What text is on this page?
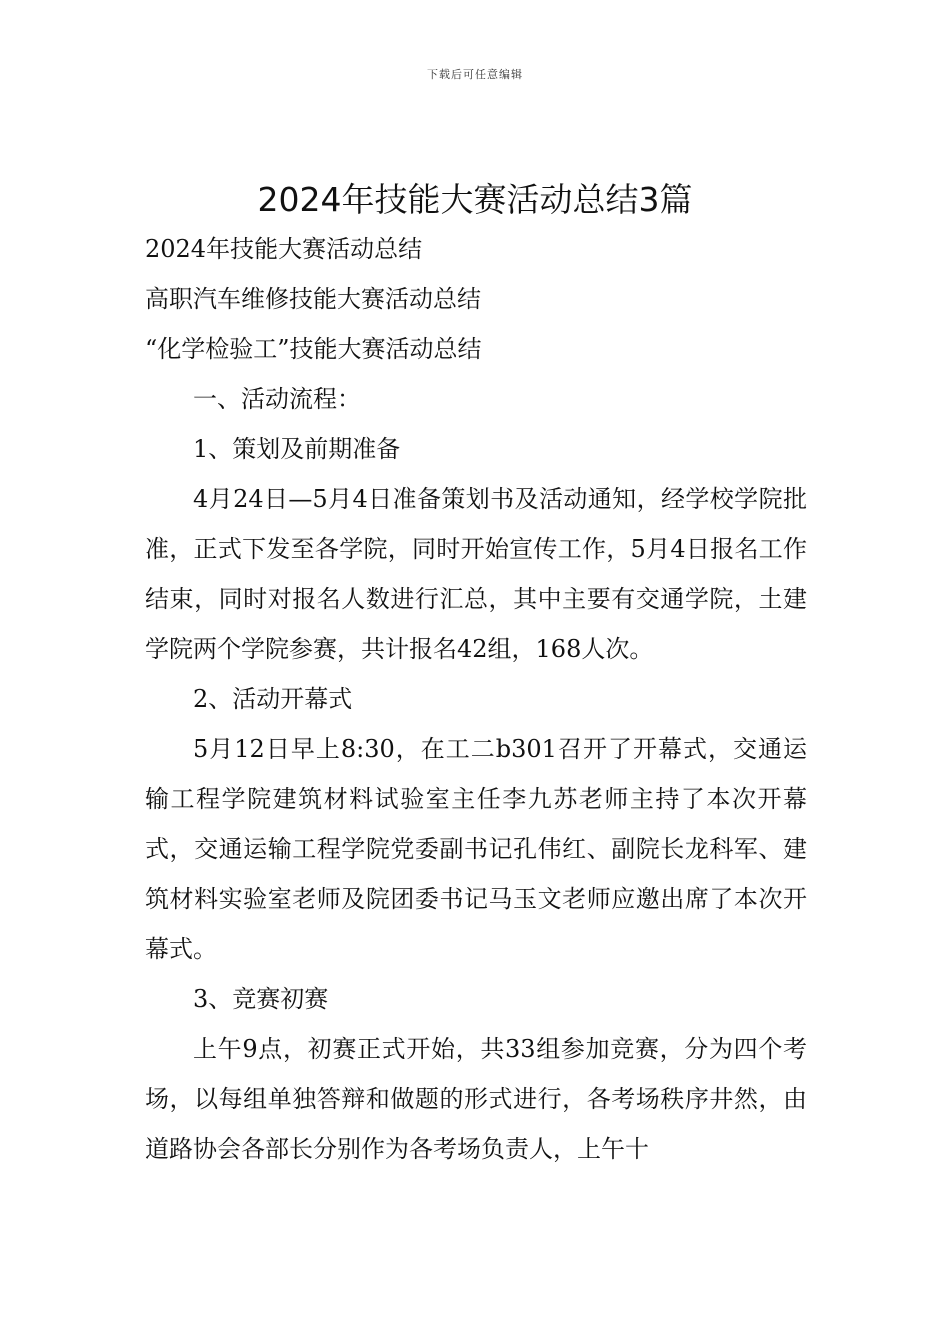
下载后可任意编辑
2024年技能大赛活动总结3篇

2024年技能大赛活动总结

高职汽车维修技能大赛活动总结

“化学检验工”技能大赛活动总结

一、活动流程：

1、策划及前期准备

4月24日—5月4日准备策划书及活动通知，经学校学院批准，正式下发至各学院，同时开始宣传工作，5月4日报名工作结束，同时对报名人数进行汇总，其中主要有交通学院，土建学院两个学院参赛，共计报名42组，168人次。

2、活动开幕式

5月12日早上8:30，在工二b301召开了开幕式，交通运输工程学院建筑材料试验室主任李九苏老师主持了本次开幕式，交通运输工程学院党委副书记孔伟红、副院长龙科军、建筑材料实验室老师及院团委书记马玉文老师应邀出席了本次开幕式。

3、竞赛初赛

上午9点，初赛正式开始，共33组参加竞赛，分为四个考场，以每组单独答辩和做题的形式进行，各考场秩序井然，由道路协会各部长分别作为各考场负责人，上午十
